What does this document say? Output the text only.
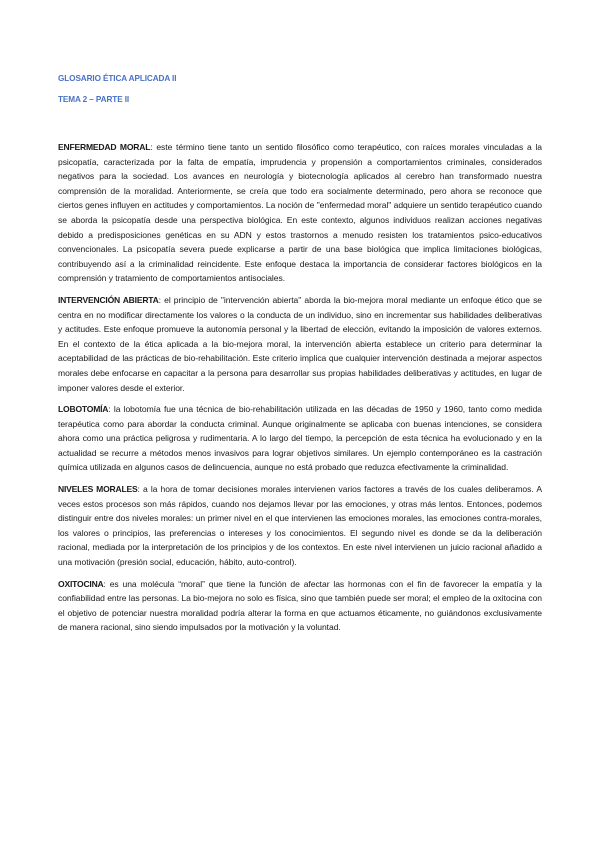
GLOSARIO ÉTICA APLICADA II
TEMA 2 – PARTE II

ENFERMEDAD MORAL: este término tiene tanto un sentido filosófico como terapéutico, con raíces morales vinculadas a la psicopatía, caracterizada por la falta de empatía, imprudencia y propensión a comportamientos criminales, considerados negativos para la sociedad. Los avances en neurología y biotecnología aplicados al cerebro han transformado nuestra comprensión de la moralidad. Anteriormente, se creía que todo era socialmente determinado, pero ahora se reconoce que ciertos genes influyen en actitudes y comportamientos. La noción de "enfermedad moral" adquiere un sentido terapéutico cuando se aborda la psicopatía desde una perspectiva biológica. En este contexto, algunos individuos realizan acciones negativas debido a predisposiciones genéticas en su ADN y estos trastornos a menudo resisten los tratamientos psico-educativos convencionales. La psicopatía severa puede explicarse a partir de una base biológica que implica limitaciones biológicas, contribuyendo así a la criminalidad reincidente. Este enfoque destaca la importancia de considerar factores biológicos en la comprensión y tratamiento de comportamientos antisociales.

INTERVENCIÓN ABIERTA: el principio de "intervención abierta" aborda la bio-mejora moral mediante un enfoque ético que se centra en no modificar directamente los valores o la conducta de un individuo, sino en incrementar sus habilidades deliberativas y actitudes. Este enfoque promueve la autonomía personal y la libertad de elección, evitando la imposición de valores externos. En el contexto de la ética aplicada a la bio-mejora moral, la intervención abierta establece un criterio para determinar la aceptabilidad de las prácticas de bio-rehabilitación. Este criterio implica que cualquier intervención destinada a mejorar aspectos morales debe enfocarse en capacitar a la persona para desarrollar sus propias habilidades deliberativas y actitudes, en lugar de imponer valores desde el exterior.

LOBOTOMÍA: la lobotomía fue una técnica de bio-rehabilitación utilizada en las décadas de 1950 y 1960, tanto como medida terapéutica como para abordar la conducta criminal. Aunque originalmente se aplicaba con buenas intenciones, se considera ahora como una práctica peligrosa y rudimentaria. A lo largo del tiempo, la percepción de esta técnica ha evolucionado y en la actualidad se recurre a métodos menos invasivos para lograr objetivos similares. Un ejemplo contemporáneo es la castración química utilizada en algunos casos de delincuencia, aunque no está probado que reduzca efectivamente la criminalidad.

NIVELES MORALES: a la hora de tomar decisiones morales intervienen varios factores a través de los cuales deliberamos. A veces estos procesos son más rápidos, cuando nos dejamos llevar por las emociones, y otras más lentos. Entonces, podemos distinguir entre dos niveles morales: un primer nivel en el que intervienen las emociones morales, las emociones contra-morales, los valores o principios, las preferencias o intereses y los conocimientos. El segundo nivel es donde se da la deliberación racional, mediada por la interpretación de los principios y de los contextos. En este nivel intervienen un juicio racional añadido a una motivación (presión social, educación, hábito, auto-control).

OXITOCINA: es una molécula “moral” que tiene la función de afectar las hormonas con el fin de favorecer la empatía y la confiabilidad entre las personas. La bio-mejora no solo es física, sino que también puede ser moral; el empleo de la oxitocina con el objetivo de potenciar nuestra moralidad podría alterar la forma en que actuamos éticamente, no guiándonos exclusivamente de manera racional, sino siendo impulsados por la motivación y la voluntad.
